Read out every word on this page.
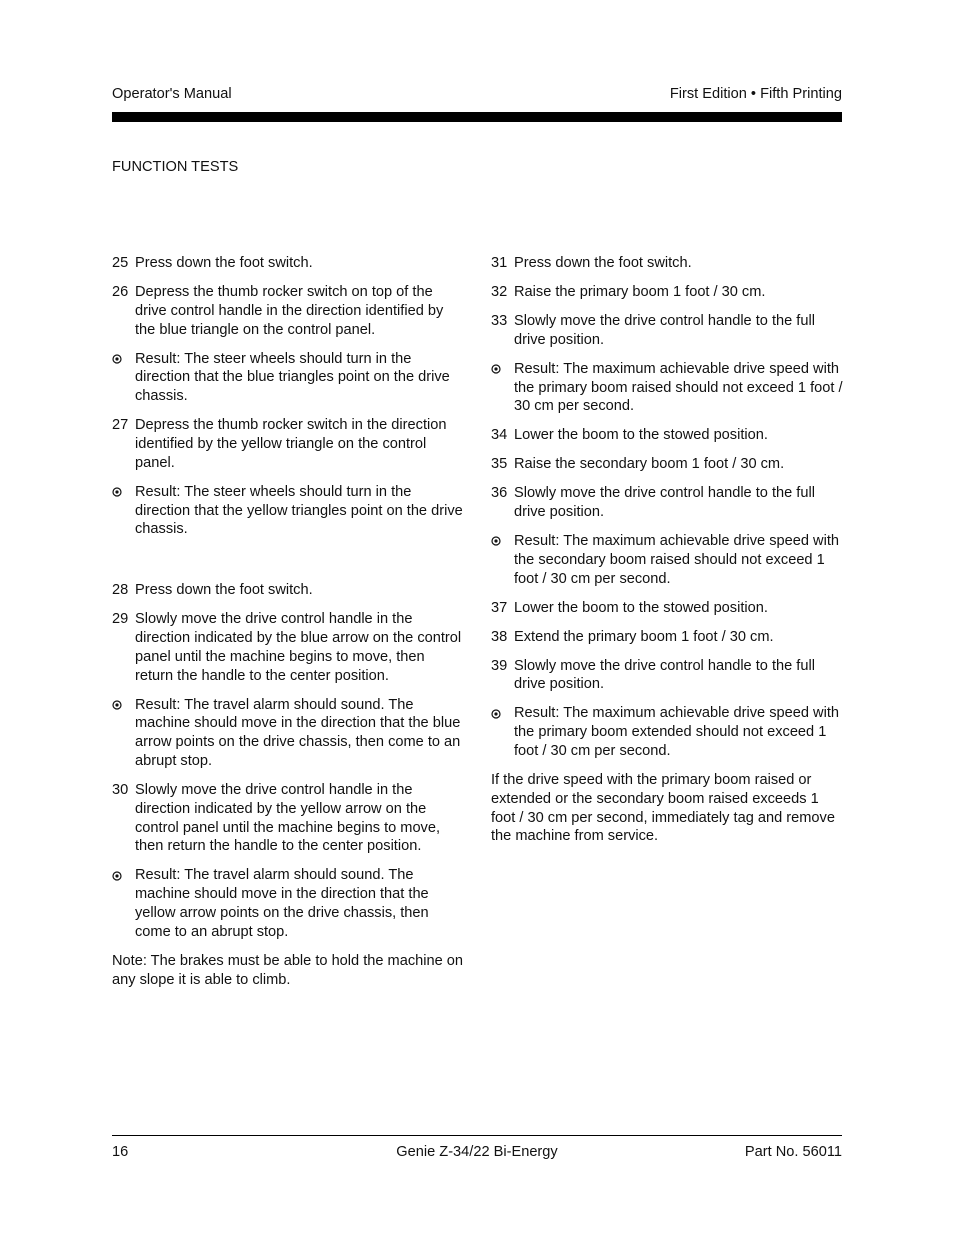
Operator's Manual	First Edition • Fifth Printing
FUNCTION TESTS
25 Press down the foot switch.
26 Depress the thumb rocker switch on top of the drive control handle in the direction identified by the blue triangle on the control panel.
Result: The steer wheels should turn in the direction that the blue triangles point on the drive chassis.
27 Depress the thumb rocker switch in the direction identified by the yellow triangle on the control panel.
Result: The steer wheels should turn in the direction that the yellow triangles point on the drive chassis.
28 Press down the foot switch.
29 Slowly move the drive control handle in the direction indicated by the blue arrow on the control panel until the machine begins to move, then return the handle to the center position.
Result: The travel alarm should sound. The machine should move in the direction that the blue arrow points on the drive chassis, then come to an abrupt stop.
30 Slowly move the drive control handle in the direction indicated by the yellow arrow on the control panel until the machine begins to move, then return the handle to the center position.
Result: The travel alarm should sound. The machine should move in the direction that the yellow arrow points on the drive chassis, then come to an abrupt stop.
Note: The brakes must be able to hold the machine on any slope it is able to climb.
31 Press down the foot switch.
32 Raise the primary boom 1 foot / 30 cm.
33 Slowly move the drive control handle to the full drive position.
Result: The maximum achievable drive speed with the primary boom raised should not exceed 1 foot / 30 cm per second.
34 Lower the boom to the stowed position.
35 Raise the secondary boom 1 foot / 30 cm.
36 Slowly move the drive control handle to the full drive position.
Result: The maximum achievable drive speed with the secondary boom raised should not exceed 1 foot / 30 cm per second.
37 Lower the boom to the stowed position.
38 Extend the primary boom 1 foot / 30 cm.
39 Slowly move the drive control handle to the full drive position.
Result: The maximum achievable drive speed with the primary boom extended should not exceed 1 foot / 30 cm per second.
If the drive speed with the primary boom raised or extended or the secondary boom raised exceeds 1 foot / 30 cm per second, immediately tag and remove the machine from service.
16	Genie Z-34/22 Bi-Energy	Part No. 56011
